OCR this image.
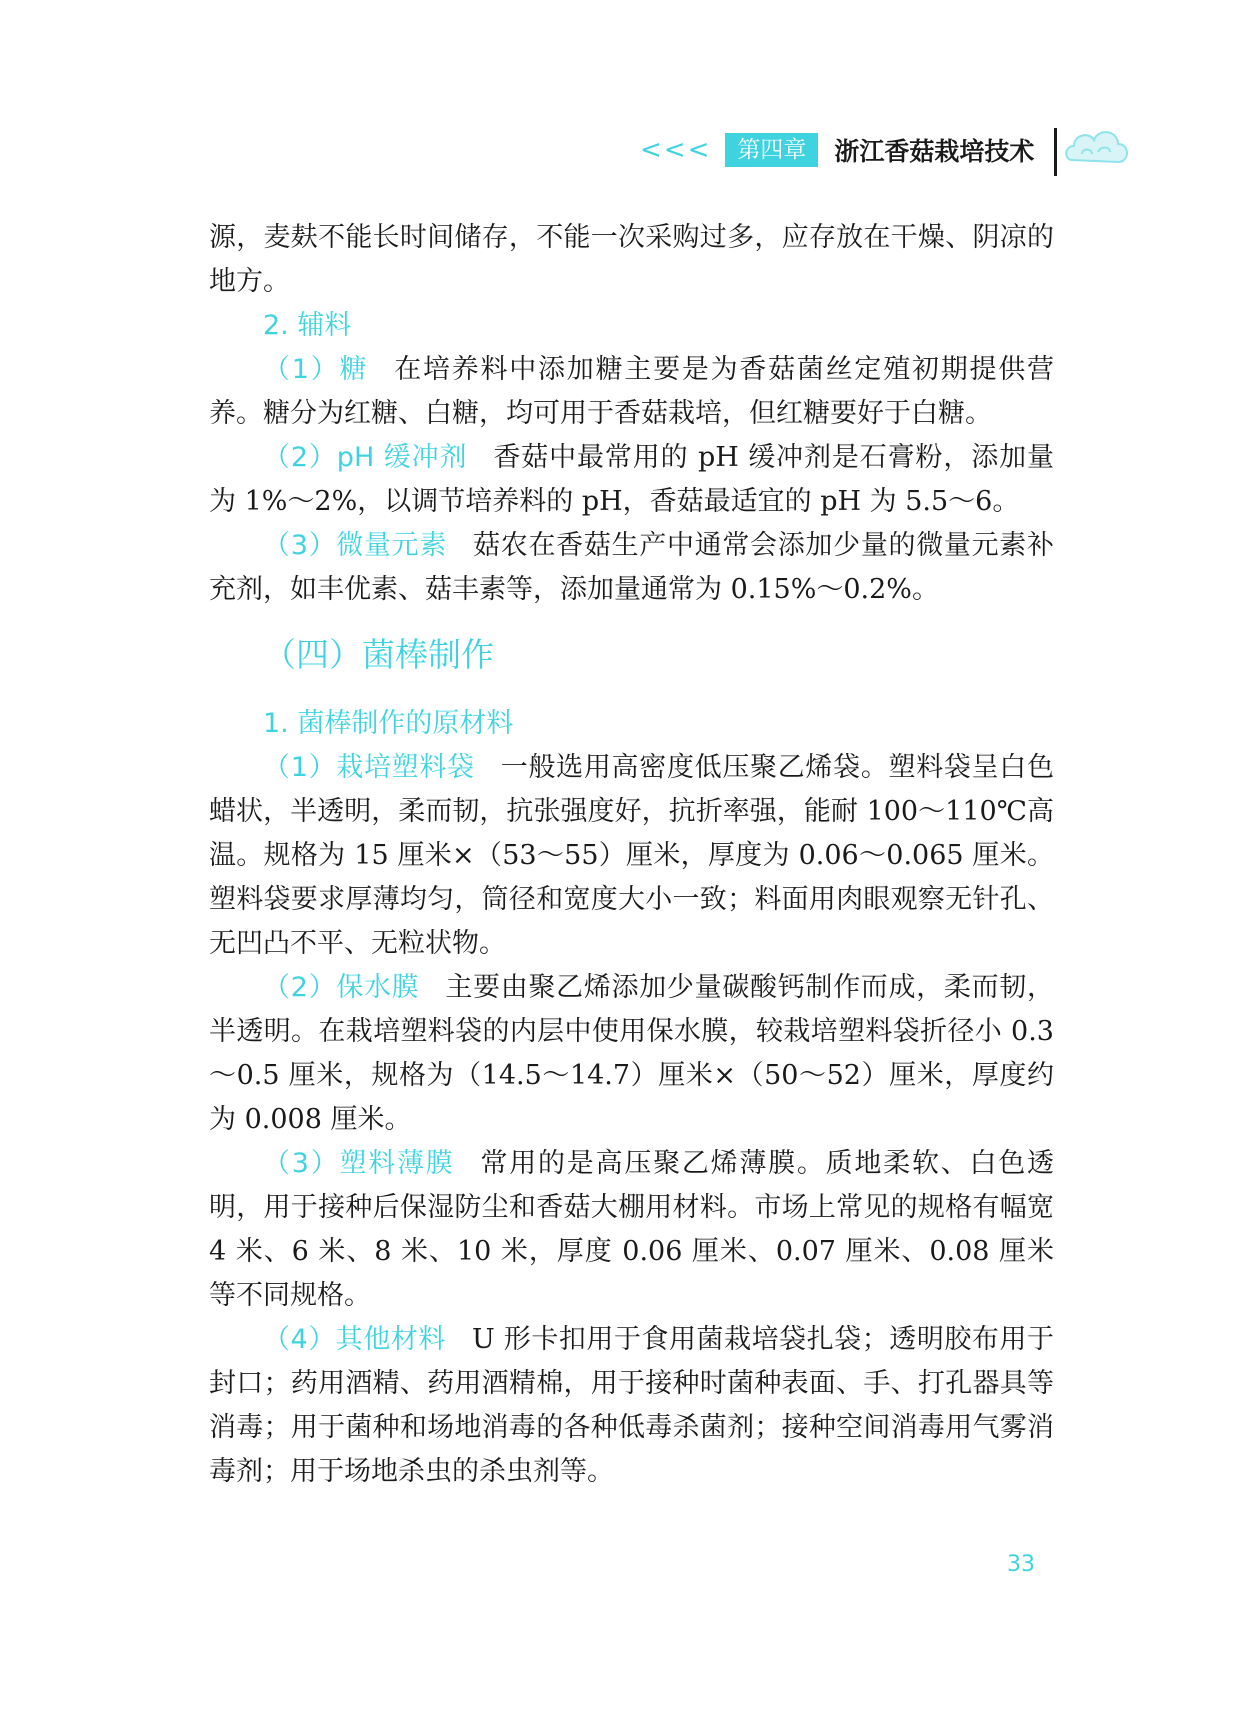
<<<	第四章	浙江香菇栽培技术

源，麦麸不能长时间储存，不能一次采购过多，应存放在干燥、阴凉的地方。

2. 辅料

（1）糖 在培养料中添加糖主要是为香菇菌丝定殖初期提供营养。糖分为红糖、白糖，均可用于香菇栽培，但红糖要好于白糖。

（2）pH 缓冲剂 香菇中最常用的 pH 缓冲剂是石膏粉，添加量为 1%～2%，以调节培养料的 pH，香菇最适宜的 pH 为 5.5～6。

（3）微量元素 菇农在香菇生产中通常会添加少量的微量元素补充剂，如丰优素、菇丰素等，添加量通常为 0.15%～0.2%。

（四）菌棒制作
1. 菌棒制作的原材料

（1）栽培塑料袋 一般选用高密度低压聚乙烯袋。塑料袋呈白色蜡状，半透明，柔而韧，抗张强度好，抗折率强，能耐 100～110℃高温。规格为 15 厘米×（53～55）厘米，厚度为 0.06～0.065 厘米。塑料袋要求厚薄均匀，筒径和宽度大小一致；料面用肉眼观察无针孔、无凹凸不平、无粒状物。

（2）保水膜 主要由聚乙烯添加少量碳酸钙制作而成，柔而韧，半透明。在栽培塑料袋的内层中使用保水膜，较栽培塑料袋折径小 0.3～0.5 厘米，规格为（14.5～14.7）厘米×（50～52）厘米，厚度约为 0.008 厘米。

（3）塑料薄膜 常用的是高压聚乙烯薄膜。质地柔软、白色透明，用于接种后保湿防尘和香菇大棚用材料。市场上常见的规格有幅宽 4 米、6 米、8 米、10 米，厚度 0.06 厘米、0.07 厘米、0.08 厘米等不同规格。

（4）其他材料 U 形卡扣用于食用菌栽培袋扎袋；透明胶布用于封口；药用酒精、药用酒精棉，用于接种时菌种表面、手、打孔器具等消毒；用于菌种和场地消毒的各种低毒杀菌剂；接种空间消毒用气雾消毒剂；用于场地杀虫的杀虫剂等。

33
